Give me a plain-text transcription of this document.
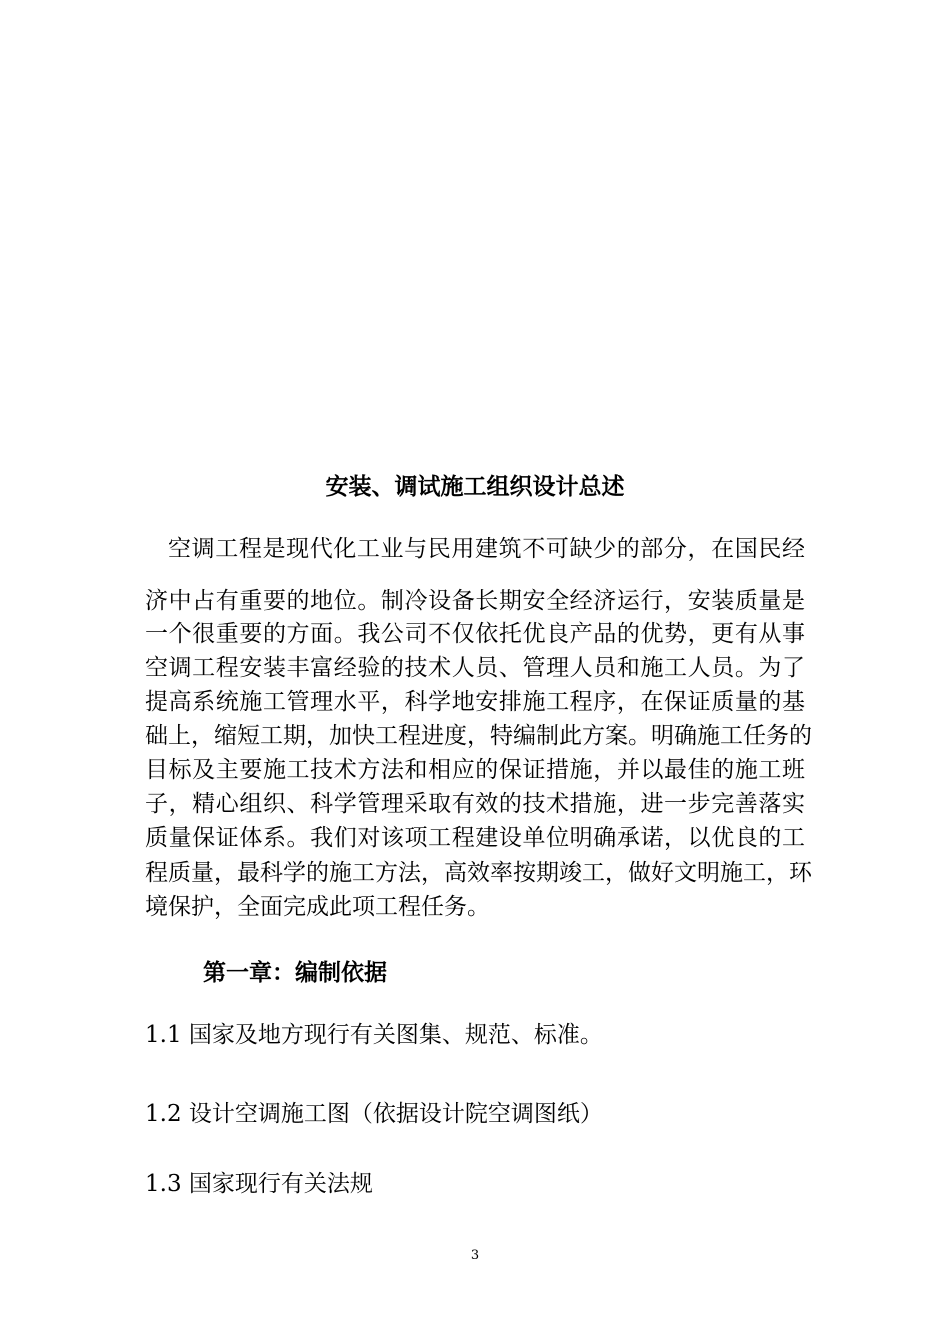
安装、调试施工组织设计总述
空调工程是现代化工业与民用建筑不可缺少的部分，在国民经
济中占有重要的地位。制冷设备长期安全经济运行，安装质量是
一个很重要的方面。我公司不仅依托优良产品的优势，更有从事
空调工程安装丰富经验的技术人员、管理人员和施工人员。为了
提高系统施工管理水平，科学地安排施工程序，在保证质量的基
础上，缩短工期，加快工程进度，特编制此方案。明确施工任务的
目标及主要施工技术方法和相应的保证措施，并以最佳的施工班
子，精心组织、科学管理采取有效的技术措施，进一步完善落实
质量保证体系。我们对该项工程建设单位明确承诺，以优良的工
程质量，最科学的施工方法，高效率按期竣工，做好文明施工，环
境保护，全面完成此项工程任务。
第一章：编制依据
1.1 国家及地方现行有关图集、规范、标准。
1.2 设计空调施工图（依据设计院空调图纸）
1.3 国家现行有关法规
3
